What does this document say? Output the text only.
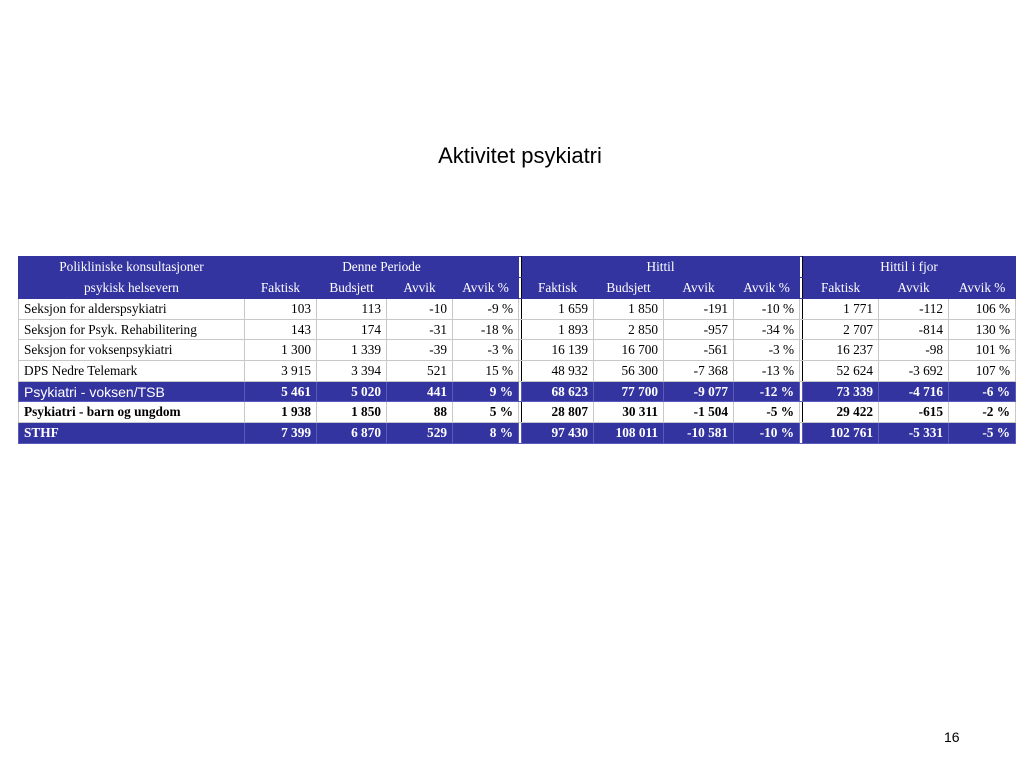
Aktivitet psykiatri
Polikliniske konsultasjoner	Denne Periode					Hittil					Hittil i fjor		
psykisk helsevern	Faktisk	Budsjett	Avvik	Avvik %		Faktisk	Budsjett	Avvik	Avvik %		Faktisk	Avvik	Avvik %
Seksjon for alderspsykiatri	103	113	-10	-9 %		1 659	1 850	-191	-10 %		1 771	-112	106 %
Seksjon for Psyk. Rehabilitering	143	174	-31	-18 %		1 893	2 850	-957	-34 %		2 707	-814	130 %
Seksjon for voksenpsykiatri	1 300	1 339	-39	-3 %		16 139	16 700	-561	-3 %		16 237	-98	101 %
DPS Nedre Telemark	3 915	3 394	521	15 %		48 932	56 300	-7 368	-13 %		52 624	-3 692	107 %
Psykiatri - voksen/TSB	5 461	5 020	441	9 %		68 623	77 700	-9 077	-12 %		73 339	-4 716	-6 %
Psykiatri - barn og ungdom	1 938	1 850	88	5 %		28 807	30 311	-1 504	-5 %		29 422	-615	-2 %
STHF	7 399	6 870	529	8 %		97 430	108 011	-10 581	-10 %		102 761	-5 331	-5 %
16
